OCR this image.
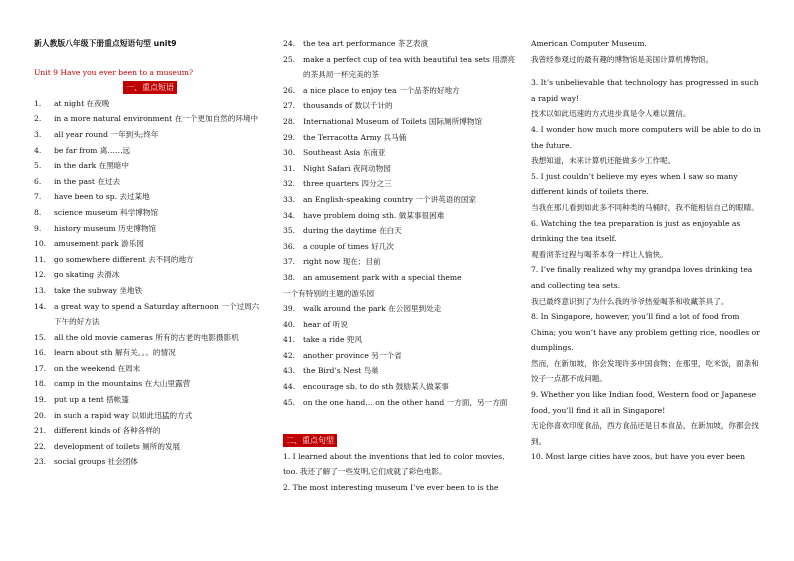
新人教版八年级下册重点短语句型 unit9
Unit 9 Have you ever been to a museum?
一、重点短语
1.	at night 在夜晚
2.	in a more natural environment 在一个更加自然的环境中
3.	all year round 一年到头;终年
4.	be far from 离……远
5.	in the dark 在黑暗中
6.	in the past 在过去
7.	have been to sp. 去过某地
8.	science museum 科学博物馆
9.	history museum 历史博物馆
10.	amusement park 游乐园
11.	go somewhere different 去不同的地方
12.	go skating 去滑冰
13.	take the subway 坐地铁
14.	a great way to spend a Saturday afternoon 一个过周六下午的好方法
15.	all the old movie cameras 所有的古老的电影摄影机
16.	learn about sth 解有关。。。的情况
17.	on the weekend 在周末
18.	camp in the mountains 在大山里露营
19.	put up a tent 搭帐篷
20.	in such a rapid way 以如此迅猛的方式
21.	different kinds of 各种各样的
22.	development of toilets 厕所的发展
23.	social groups 社会团体
24.	the tea art performance 茶艺表演
25.	make a perfect cup of tea with beautiful tea sets 用漂亮的茶具沏一杯完美的茶
26.	a nice place to enjoy tea 一个品茶的好地方
27.	thousands of 数以千计的
28.	International Museum of Toilets 国际厕所博物馆
29.	the Terracotta Army 兵马俑
30.	Southeast Asia 东南亚
31.	Night Safari 夜间动物园
32.	three quarters 四分之三
33.	an English-speaking country 一个讲英语的国家
34.	have problem doing sth. 做某事很困难
35.	during the daytime 在白天
36.	a couple of times 好几次
37.	right now 现在；目前
38.	an amusement park with a special theme
一个有特别的主题的游乐园
39.	walk around the park 在公园里到处走
40.	hear of 听说
41.	take a ride 兜风
42.	another province 另一个省
43.	the Bird’s Nest 鸟巢
44.	encourage sb. to do sth 鼓励某人做某事
45.	on the one hand… on the other hand 一方面，另一方面
二、重点句型
1. I learned about the inventions that led to color movies, too. 我还了解了一些发明,它们成就了彩色电影。
2. The most interesting museum I’ve ever been to is the
American Computer Museum.
我曾经参观过的最有趣的博物馆是美国计算机博物馆。
3. It’s unbelievable that technology has progressed in such a rapid way!
技术以如此迅速的方式进步真是令人难以置信。
4. I wonder how much more computers will be able to do in the future.
我想知道，未来计算机还能做多少工作呢。
5. I just couldn’t believe my eyes when I saw so many different kinds of toilets there.
当我在那儿看到如此多不同种类的马桶时，我不能相信自己的眼睛。
6. Watching the tea preparation is just as enjoyable as drinking the tea itself.
观看沏茶过程与喝茶本身一样让人愉快。
7. I’ve finally realized why my grandpa loves drinking tea and collecting tea sets.
我已最终意识到了为什么我的爷爷热爱喝茶和收藏茶具了。
8. In Singapore, however, you’ll find a lot of food from China; you won’t have any problem getting rice, noodles or dumplings.
然而，在新加坡，你会发现许多中国食物；在那里，吃米饭，面条和饺子一点都不成问题。
9. Whether you like Indian food, Western food or Japanese food, you’ll find it all in Singapore!
无论你喜欢印度食品，西方食品还是日本食品，在新加坡，你都会找到。
10. Most large cities have zoos, but have you ever been
